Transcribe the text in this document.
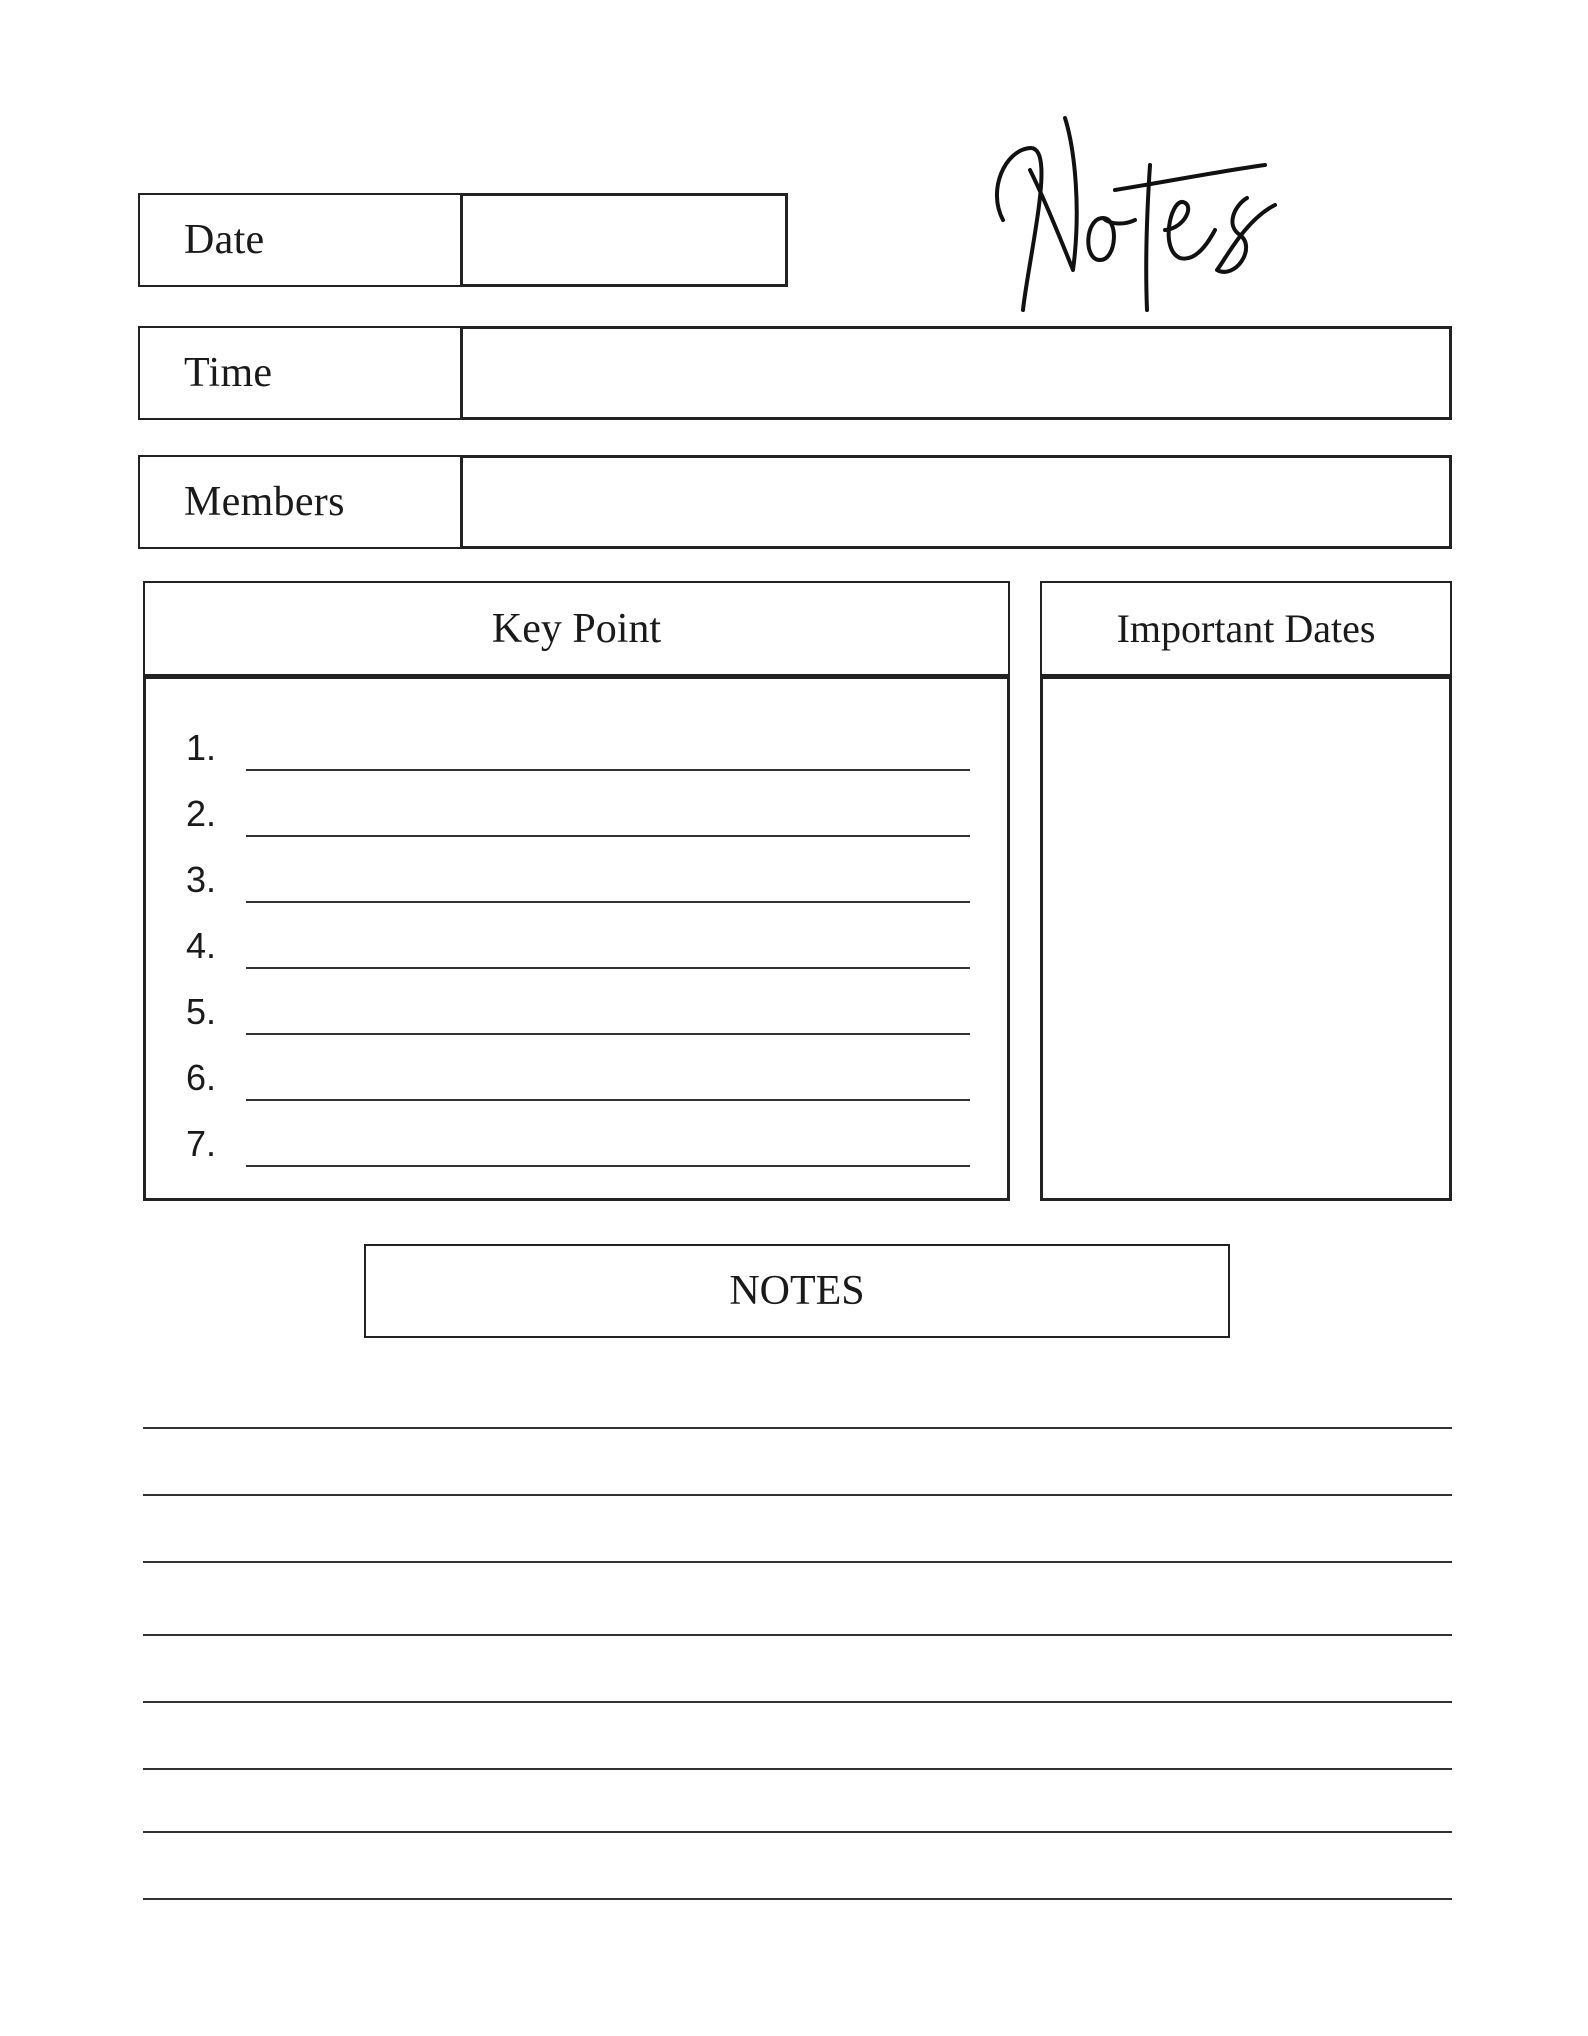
Date
Time
Members
Key Point
1.
2.
3.
4.
5.
6.
7.
Important Dates
NOTES
